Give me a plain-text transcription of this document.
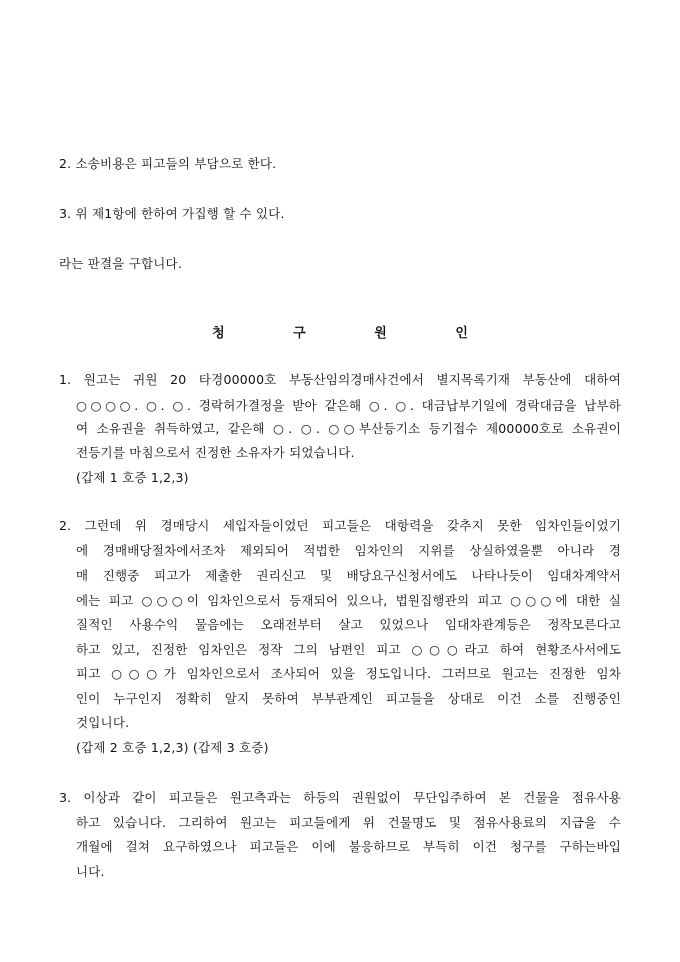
2. 소송비용은 피고들의 부담으로 한다.
3. 위 제1항에 한하여 가집행 할 수 있다.
라는 판결을 구합니다.
청 구 원 인
1. 원고는 귀원 20 타경00000호 부동산임의경매사건에서 별지목록기재 부동산에 대하여
○○○○. ○. ○. 경락허가결정을 받아 같은해 ○. ○. 대금납부기일에 경락대금을 납부하
여 소유권을 취득하였고, 같은해 ○. ○. ○○부산등기소 등기접수 제00000호로 소유권이
전등기를 마침으로서 진정한 소유자가 되었습니다.
(갑제 1 호증 1,2,3)
2. 그런데 위 경매당시 세입자들이었던 피고들은 대항력을 갖추지 못한 임차인들이었기
에 경매배당절차에서조차 제외되어 적법한 임차인의 지위를 상실하였을뿐 아니라 경
매 진행중 피고가 제출한 권리신고 및 배당요구신청서에도 나타나듯이 임대차계약서
에는 피고 ○○○이 임차인으로서 등재되어 있으나, 법원집행관의 피고 ○○○에 대한 실
질적인 사용수익 물음에는 오래전부터 살고 있었으나 임대차관계등은 정작모른다고
하고 있고, 진정한 임차인은 정작 그의 남편인 피고 ○○○라고 하여 현황조사서에도
피고 ○○○가 임차인으로서 조사되어 있을 정도입니다. 그러므로 원고는 진정한 임차
인이 누구인지 정확히 알지 못하여 부부관계인 피고들을 상대로 이건 소를 진행중인
것입니다.
(갑제 2 호증 1,2,3) (갑제 3 호증)
3. 이상과 같이 피고들은 원고측과는 하등의 권원없이 무단입주하여 본 건물을 점유사용
하고 있습니다. 그리하여 원고는 피고들에게 위 건물명도 및 점유사용료의 지급을 수
개월에 걸쳐 요구하였으나 피고들은 이에 불응하므로 부득히 이건 청구를 구하는바입
니다.
